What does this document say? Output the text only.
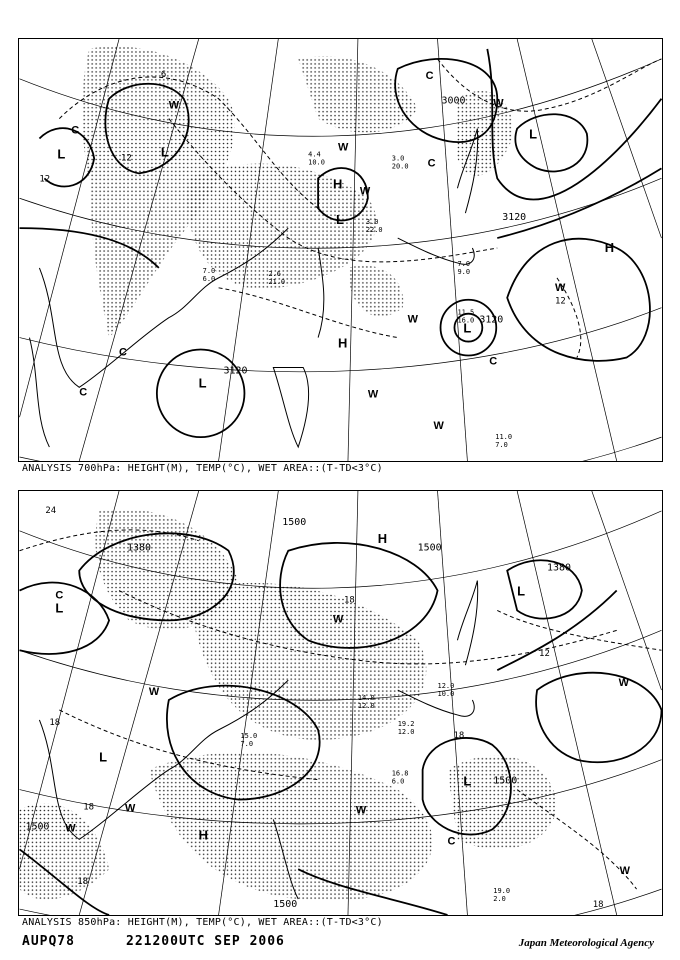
L	L
L
L
L
L
H
H
H
C
C
C
C
C
C
W
W
W
W
W
W
W
W	3000
3120
3120
3120
6
12
12
12
11.0
7.0
3.0
20.0
7.0
6.0
4.4
10.0
3.0
22.0
7.0
9.0
2.6
21.0
11.5
16.0
ANALYSIS 700hPa: HEIGHT(M), TEMP(°C), WET AREA::(T-TD<3°C)
L
L
L
L
H
H
C
C
W
W
W
W
W
W
W
1380
1500
1500
1380
1500
1500
1500
24
18
18
18
12
18
18
18
19.0
2.0
15.0
7.0
14.0
12.0
12.0
10.0
16.8
6.0
19.2
12.0
ANALYSIS 850hPa: HEIGHT(M), TEMP(°C), WET AREA::(T-TD<3°C)
AUPQ78	221200UTC SEP 2006	Japan Meteorological Agency
